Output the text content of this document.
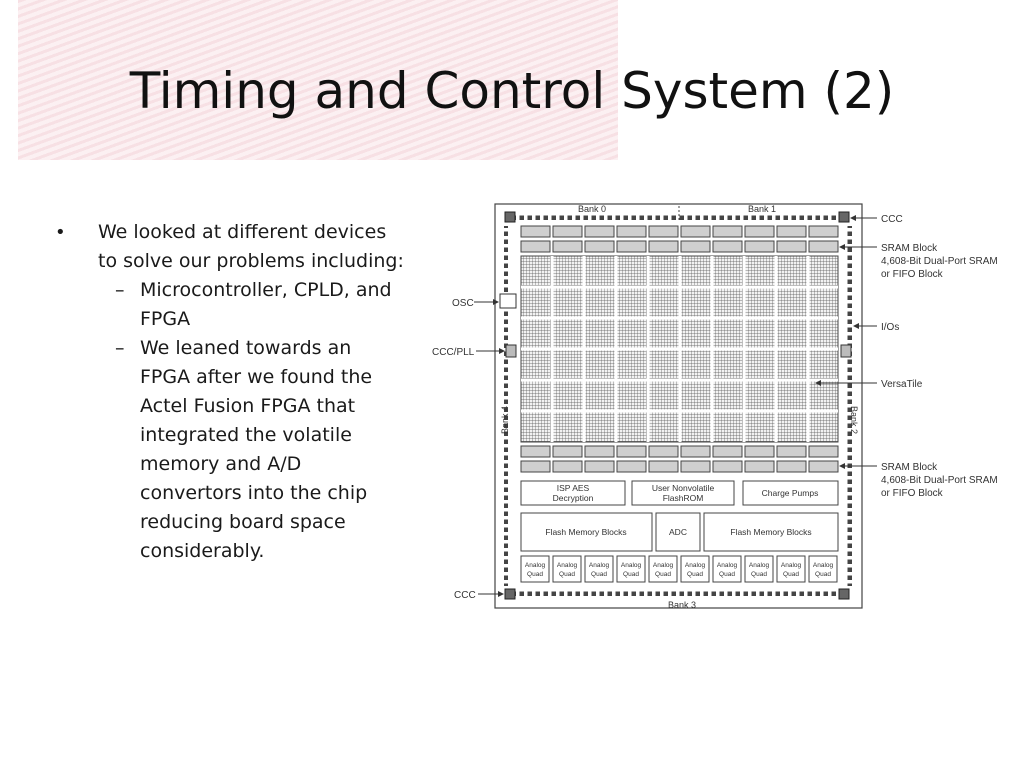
Timing and Control System (2)
•	We looked at different devices to solve our problems including:
– Microcontroller, CPLD, and FPGA
– We leaned towards an FPGA after we found the Actel Fusion FPGA that integrated the volatile memory and A/D convertors into the chip reducing board space considerably.
Bank 0	Bank 1
Bank 3
Bank 4	Bank 2
ISP AES
Decryption
User Nonvolatile
FlashROM	Charge Pumps
Flash Memory Blocks	ADC	Flash Memory Blocks
Analog
Quad
Analog
Quad
Analog
Quad
Analog
Quad
Analog
Quad
Analog
Quad
Analog
Quad
Analog
Quad
Analog
Quad
Analog
Quad
OSC
CCC/PLL
CCC
CCC
SRAM Block
4,608-Bit Dual-Port SRAM
or FIFO Block
I/Os
VersaTile
SRAM Block
4,608-Bit Dual-Port SRAM
or FIFO Block
